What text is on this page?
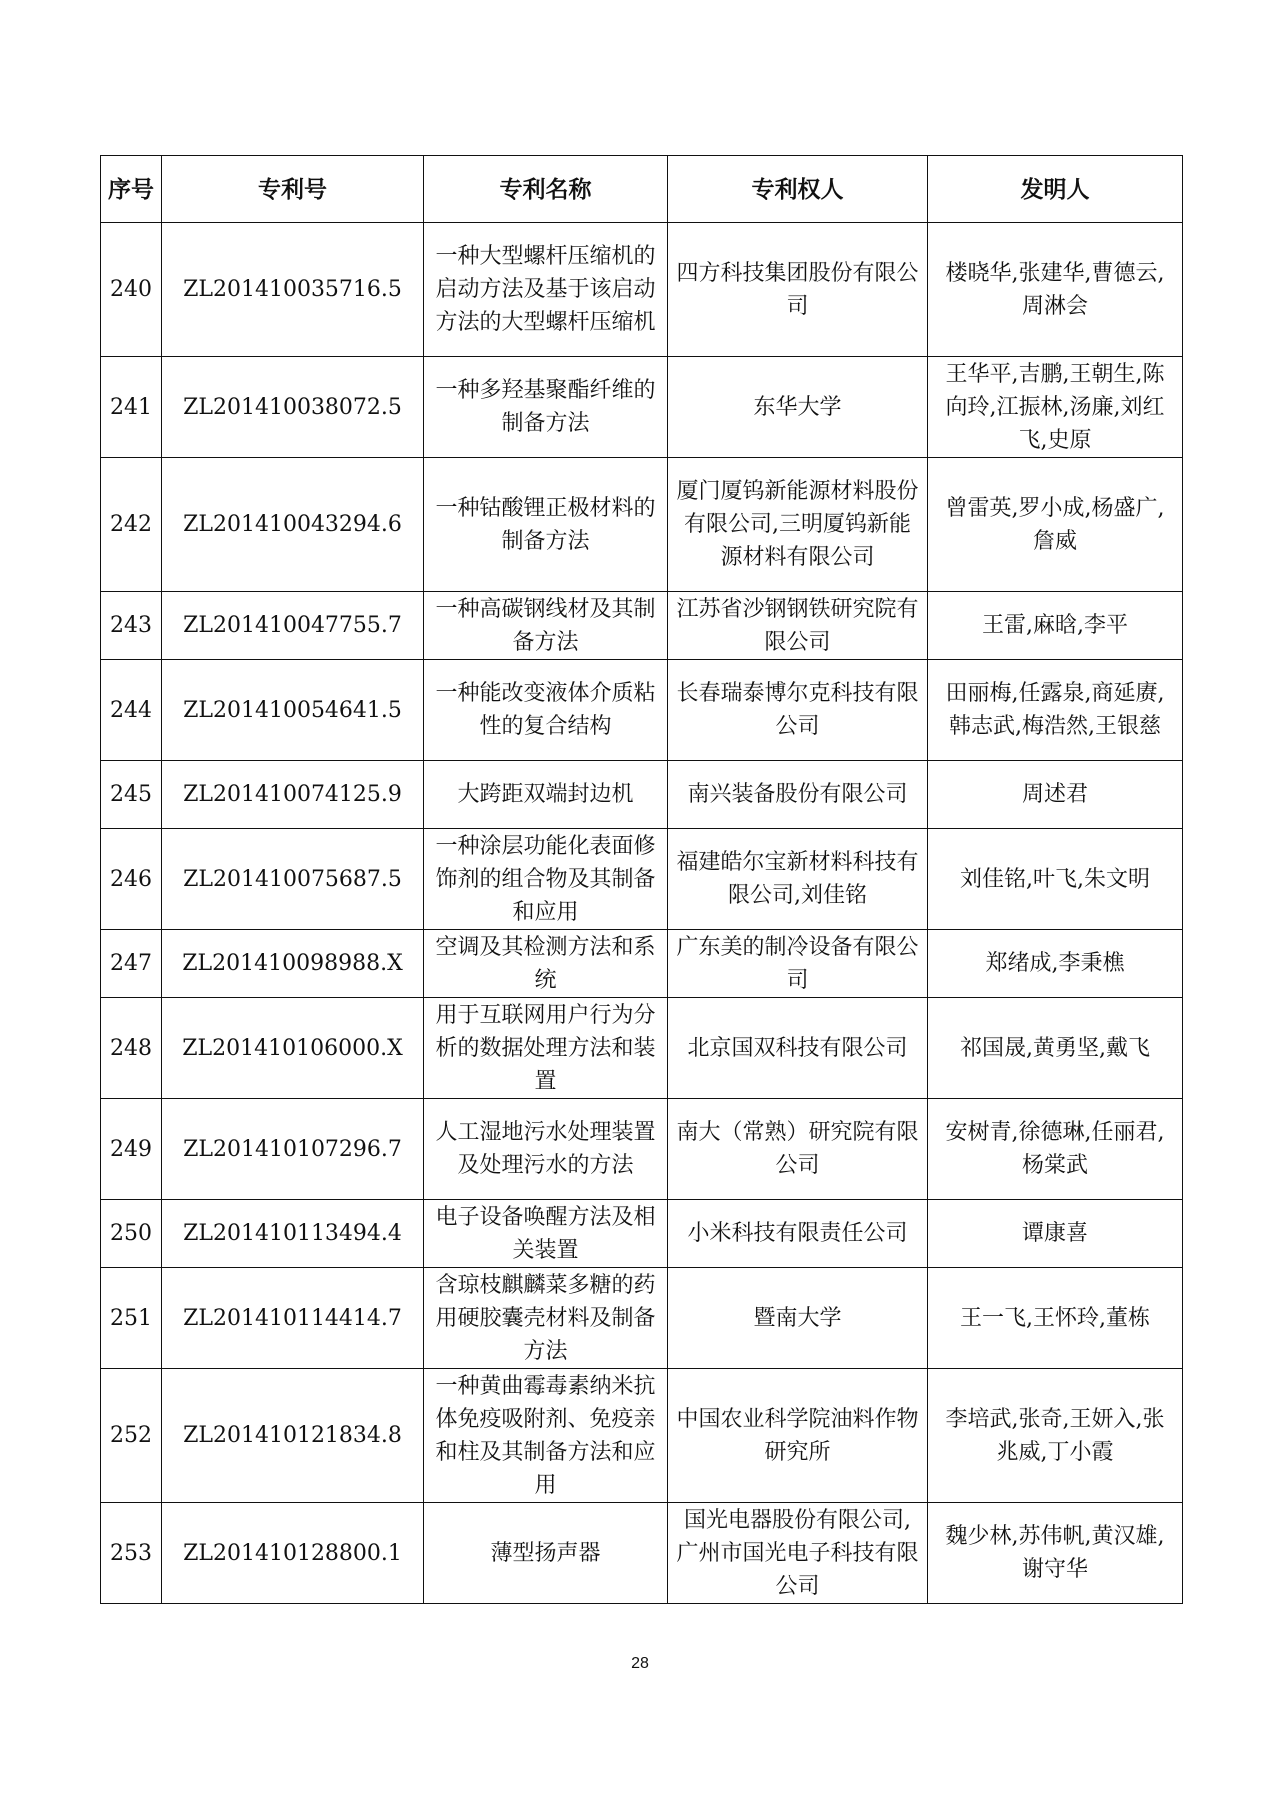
序号	专利号	专利名称	专利权人	发明人
240	ZL201410035716.5	一种大型螺杆压缩机的启动方法及基于该启动方法的大型螺杆压缩机	四方科技集团股份有限公司	楼晓华,张建华,曹德云,周淋会
241	ZL201410038072.5	一种多羟基聚酯纤维的制备方法	东华大学	王华平,吉鹏,王朝生,陈向玲,江振林,汤廉,刘红飞,史原
242	ZL201410043294.6	一种钴酸锂正极材料的制备方法	厦门厦钨新能源材料股份有限公司,三明厦钨新能源材料有限公司	曾雷英,罗小成,杨盛广,詹威
243	ZL201410047755.7	一种高碳钢线材及其制备方法	江苏省沙钢钢铁研究院有限公司	王雷,麻晗,李平
244	ZL201410054641.5	一种能改变液体介质粘性的复合结构	长春瑞泰博尔克科技有限公司	田丽梅,任露泉,商延赓,韩志武,梅浩然,王银慈
245	ZL201410074125.9	大跨距双端封边机	南兴装备股份有限公司	周述君
246	ZL201410075687.5	一种涂层功能化表面修饰剂的组合物及其制备和应用	福建皓尔宝新材料科技有限公司,刘佳铭	刘佳铭,叶飞,朱文明
247	ZL201410098988.X	空调及其检测方法和系统	广东美的制冷设备有限公司	郑绪成,李秉樵
248	ZL201410106000.X	用于互联网用户行为分析的数据处理方法和装置	北京国双科技有限公司	祁国晟,黄勇坚,戴飞
249	ZL201410107296.7	人工湿地污水处理装置及处理污水的方法	南大（常熟）研究院有限公司	安树青,徐德琳,任丽君,杨棠武
250	ZL201410113494.4	电子设备唤醒方法及相关装置	小米科技有限责任公司	谭康喜
251	ZL201410114414.7	含琼枝麒麟菜多糖的药用硬胶囊壳材料及制备方法	暨南大学	王一飞,王怀玲,董栋
252	ZL201410121834.8	一种黄曲霉毒素纳米抗体免疫吸附剂、免疫亲和柱及其制备方法和应用	中国农业科学院油料作物研究所	李培武,张奇,王妍入,张兆威,丁小霞
253	ZL201410128800.1	薄型扬声器	国光电器股份有限公司,广州市国光电子科技有限公司	魏少林,苏伟帆,黄汉雄,谢守华
28
